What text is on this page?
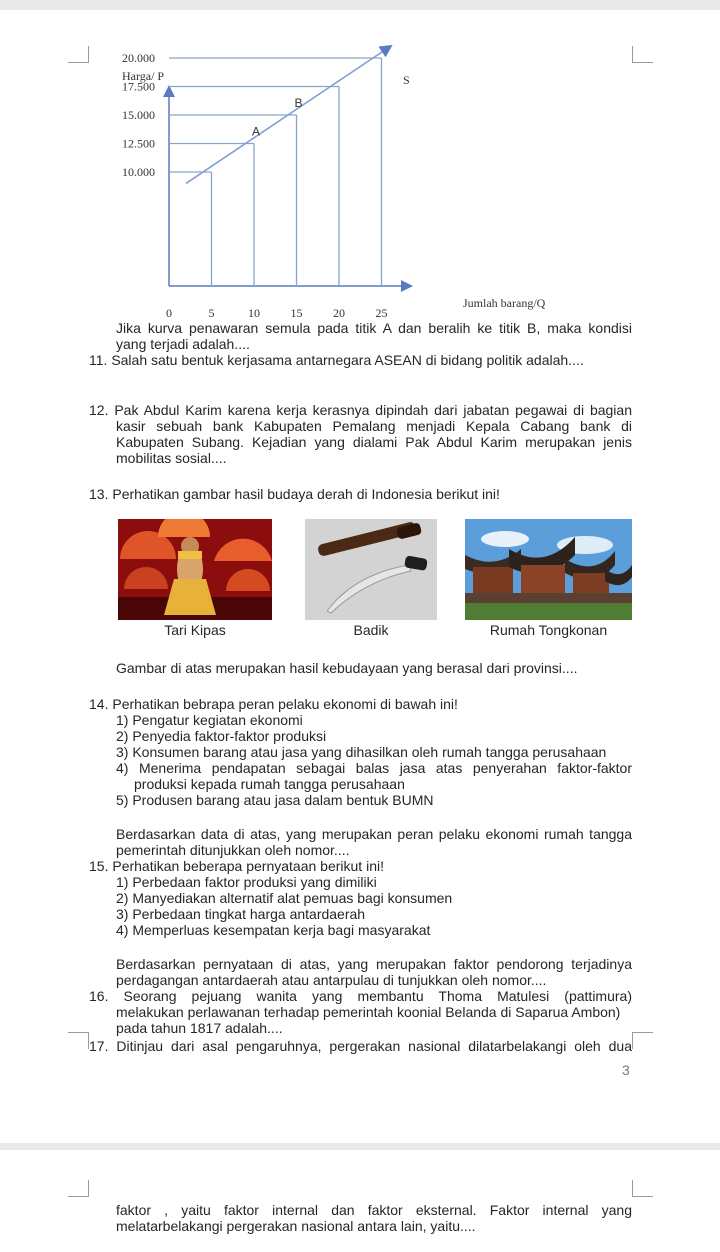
Harga/ P
Jumlah barang/Q
S
10.000
12.500
15.000
17.500
20.000
0	5	10	15	20	25
A
B
Jika kurva penawaran semula pada titik A dan beralih ke titik B, maka kondisi
yang terjadi adalah....
11. Salah satu bentuk kerjasama antarnegara ASEAN di bidang politik adalah....
12. Pak Abdul Karim karena kerja kerasnya dipindah dari jabatan pegawai di bagian
kasir sebuah bank Kabupaten Pemalang menjadi Kepala Cabang bank di
Kabupaten Subang. Kejadian yang dialami Pak Abdul Karim merupakan jenis
mobilitas sosial....
13. Perhatikan gambar hasil budaya derah di Indonesia berikut ini!
Tari Kipas	Badik	Rumah Tongkonan
Gambar di atas merupakan hasil kebudayaan yang berasal dari provinsi....
14. Perhatikan bebrapa peran pelaku ekonomi di bawah ini!
1) Pengatur kegiatan ekonomi
2) Penyedia faktor-faktor produksi
3) Konsumen barang atau jasa yang dihasilkan oleh rumah tangga perusahaan
4) Menerima pendapatan sebagai balas jasa atas penyerahan faktor-faktor
produksi kepada rumah tangga perusahaan
5) Produsen barang atau jasa dalam bentuk BUMN
Berdasarkan data di atas, yang merupakan peran pelaku ekonomi rumah tangga
pemerintah ditunjukkan oleh nomor....
15. Perhatikan beberapa pernyataan berikut ini!
1) Perbedaan faktor produksi yang dimiliki
2) Manyediakan alternatif alat pemuas bagi konsumen
3) Perbedaan tingkat harga antardaerah
4) Memperluas kesempatan kerja bagi masyarakat
Berdasarkan pernyataan di atas, yang merupakan faktor pendorong terjadinya
perdagangan antardaerah atau antarpulau di tunjukkan oleh nomor....
16. Seorang pejuang wanita yang membantu Thoma Matulesi (pattimura)
melakukan perlawanan terhadap pemerintah koonial Belanda di Saparua Ambon)
pada tahun 1817 adalah....
17. Ditinjau dari asal pengaruhnya, pergerakan nasional dilatarbelakangi oleh dua
3
faktor , yaitu faktor internal dan faktor eksternal. Faktor internal yang
melatarbelakangi pergerakan nasional antara lain, yaitu....
